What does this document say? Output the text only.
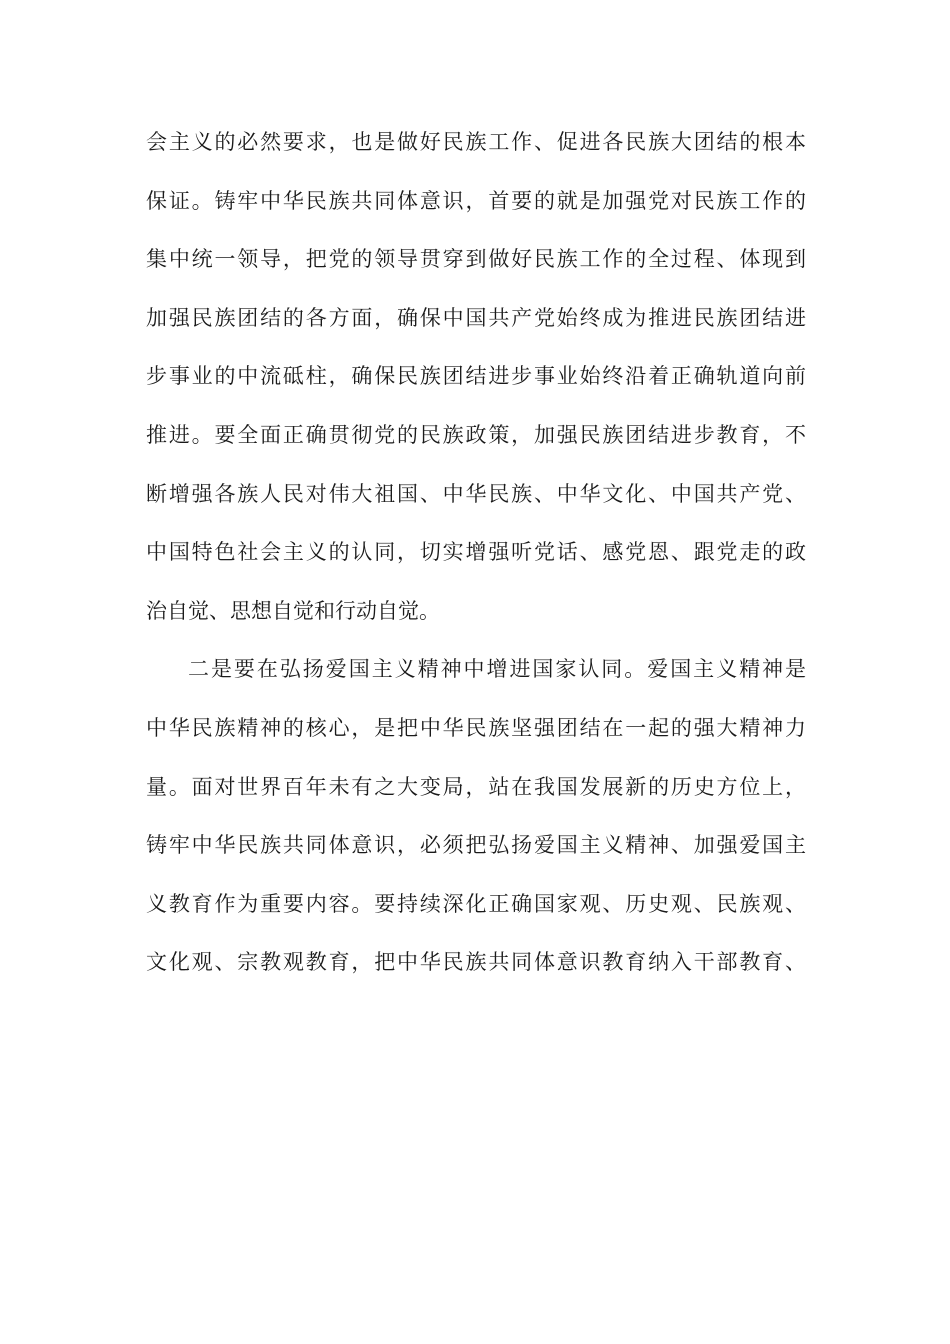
会主义的必然要求，也是做好民族工作、促进各民族大团结的根本
保证。铸牢中华民族共同体意识，首要的就是加强党对民族工作的
集中统一领导，把党的领导贯穿到做好民族工作的全过程、体现到
加强民族团结的各方面，确保中国共产党始终成为推进民族团结进
步事业的中流砥柱，确保民族团结进步事业始终沿着正确轨道向前
推进。要全面正确贯彻党的民族政策，加强民族团结进步教育，不
断增强各族人民对伟大祖国、中华民族、中华文化、中国共产党、
中国特色社会主义的认同，切实增强听党话、感党恩、跟党走的政
治自觉、思想自觉和行动自觉。
二是要在弘扬爱国主义精神中增进国家认同。爱国主义精神是
中华民族精神的核心，是把中华民族坚强团结在一起的强大精神力
量。面对世界百年未有之大变局，站在我国发展新的历史方位上，
铸牢中华民族共同体意识，必须把弘扬爱国主义精神、加强爱国主
义教育作为重要内容。要持续深化正确国家观、历史观、民族观、
文化观、宗教观教育，把中华民族共同体意识教育纳入干部教育、
